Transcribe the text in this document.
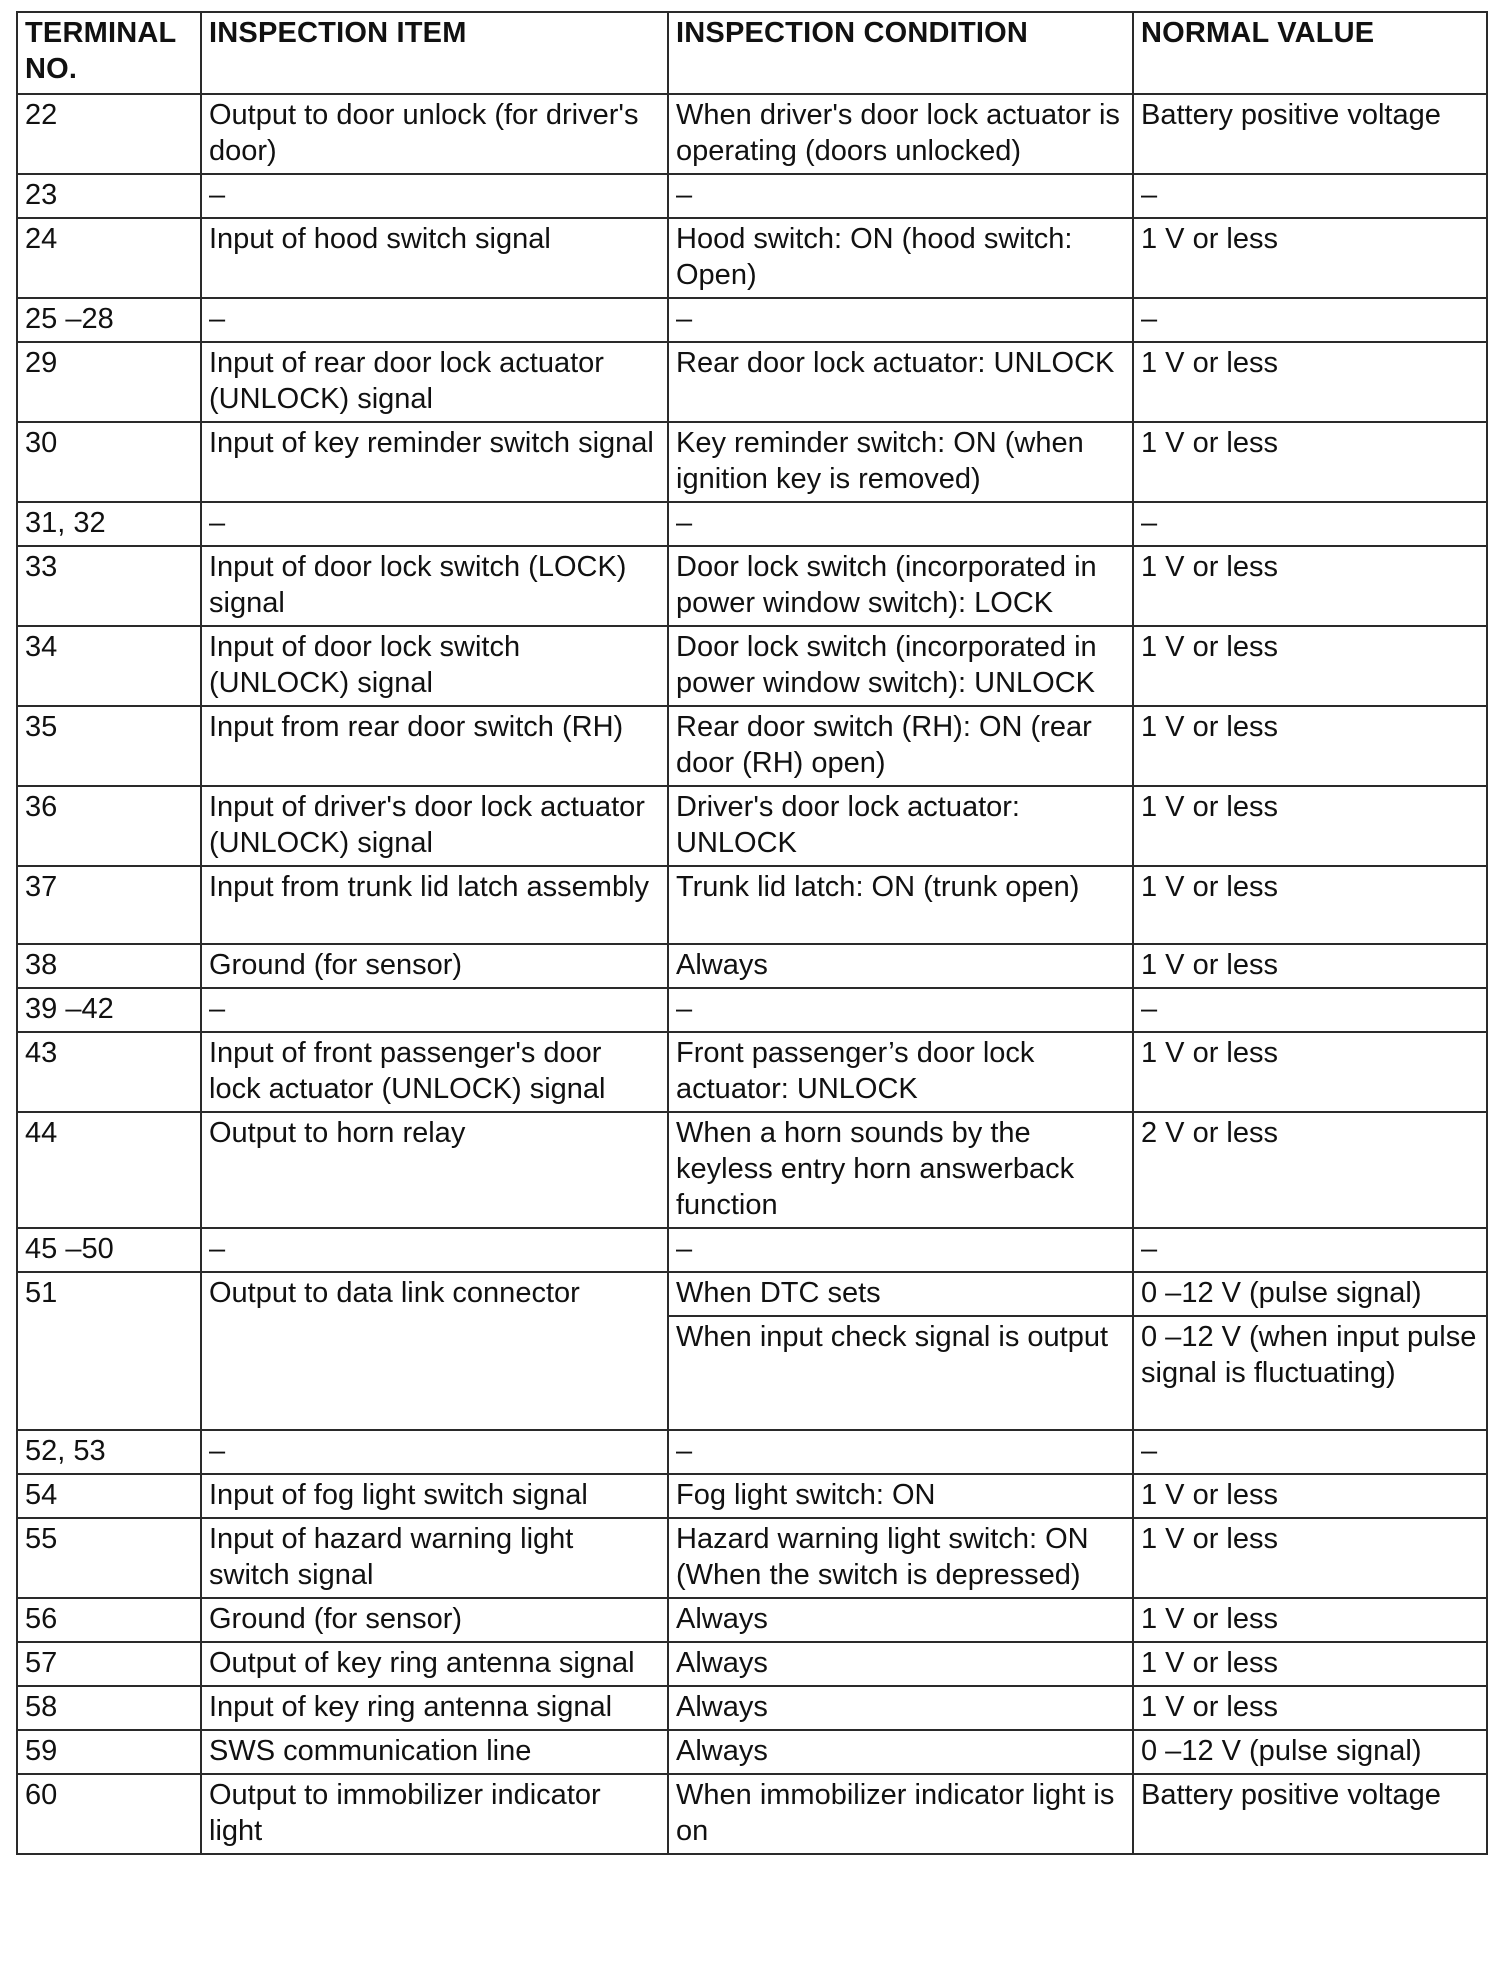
TERMINAL NO.	INSPECTION ITEM	INSPECTION CONDITION	NORMAL VALUE
22	Output to door unlock (for driver's door)	When driver's door lock actuator is operating (doors unlocked)	Battery positive voltage
23	–	–	–
24	Input of hood switch signal	Hood switch: ON (hood switch: Open)	1 V or less
25 –28	–	–	–
29	Input of rear door lock actuator (UNLOCK) signal	Rear door lock actuator: UNLOCK	1 V or less
30	Input of key reminder switch signal	Key reminder switch: ON (when ignition key is removed)	1 V or less
31, 32	–	–	–
33	Input of door lock switch (LOCK) signal	Door lock switch (incorporated in power window switch): LOCK	1 V or less
34	Input of door lock switch (UNLOCK) signal	Door lock switch (incorporated in power window switch): UNLOCK	1 V or less
35	Input from rear door switch (RH)	Rear door switch (RH): ON (rear door (RH) open)	1 V or less
36	Input of driver's door lock actuator (UNLOCK) signal	Driver's door lock actuator: UNLOCK	1 V or less
37	Input from trunk lid latch assembly	Trunk lid latch: ON (trunk open)	1 V or less
38	Ground (for sensor)	Always	1 V or less
39 –42	–	–	–
43	Input of front passenger's door lock actuator (UNLOCK) signal	Front passenger’s door lock actuator: UNLOCK	1 V or less
44	Output to horn relay	When a horn sounds by the keyless entry horn answerback function	2 V or less
45 –50	–	–	–
51	Output to data link connector	When DTC sets	0 –12 V (pulse signal)
		When input check signal is output	0 –12 V (when input pulse signal is fluctuating)
52, 53	–	–	–
54	Input of fog light switch signal	Fog light switch: ON	1 V or less
55	Input of hazard warning light switch signal	Hazard warning light switch: ON (When the switch is depressed)	1 V or less
56	Ground (for sensor)	Always	1 V or less
57	Output of key ring antenna signal	Always	1 V or less
58	Input of key ring antenna signal	Always	1 V or less
59	SWS communication line	Always	0 –12 V (pulse signal)
60	Output to immobilizer indicator light	When immobilizer indicator light is on	Battery positive voltage
